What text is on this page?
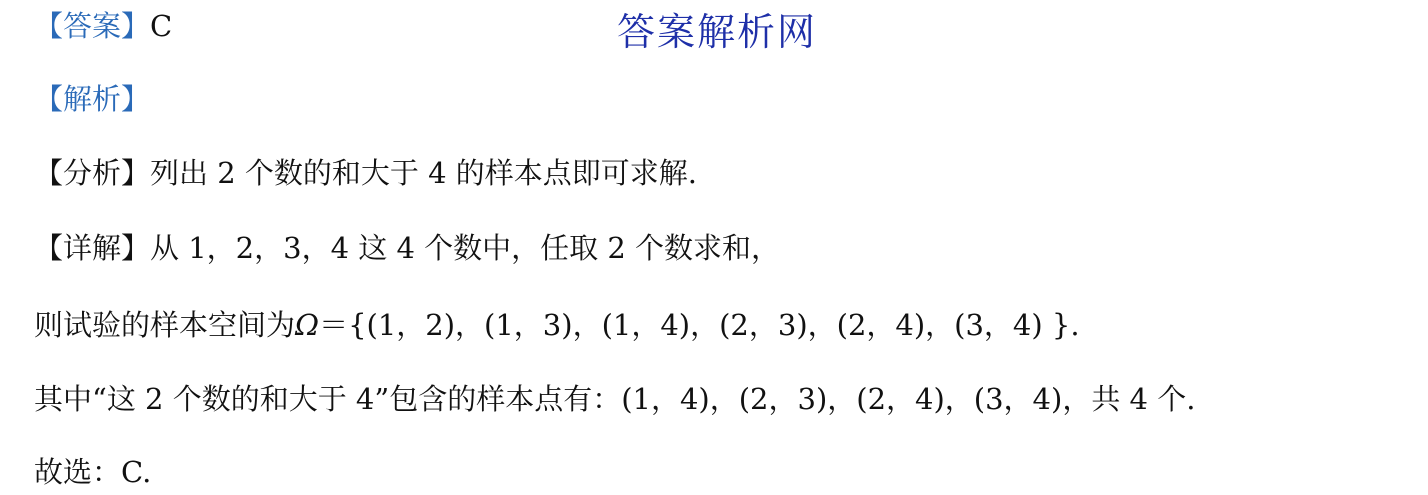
答案解析网
【答案】C
【解析】
【分析】列出 2 个数的和大于 4 的样本点即可求解.
【详解】从 1，2，3，4 这 4 个数中，任取 2 个数求和，
则试验的样本空间为Ω＝{(1，2)，(1，3)，(1，4)，(2，3)，(2，4)，(3，4) }.
其中“这 2 个数的和大于 4”包含的样本点有：(1，4)，(2，3)，(2，4)，(3，4)，共 4 个.
故选：C.
